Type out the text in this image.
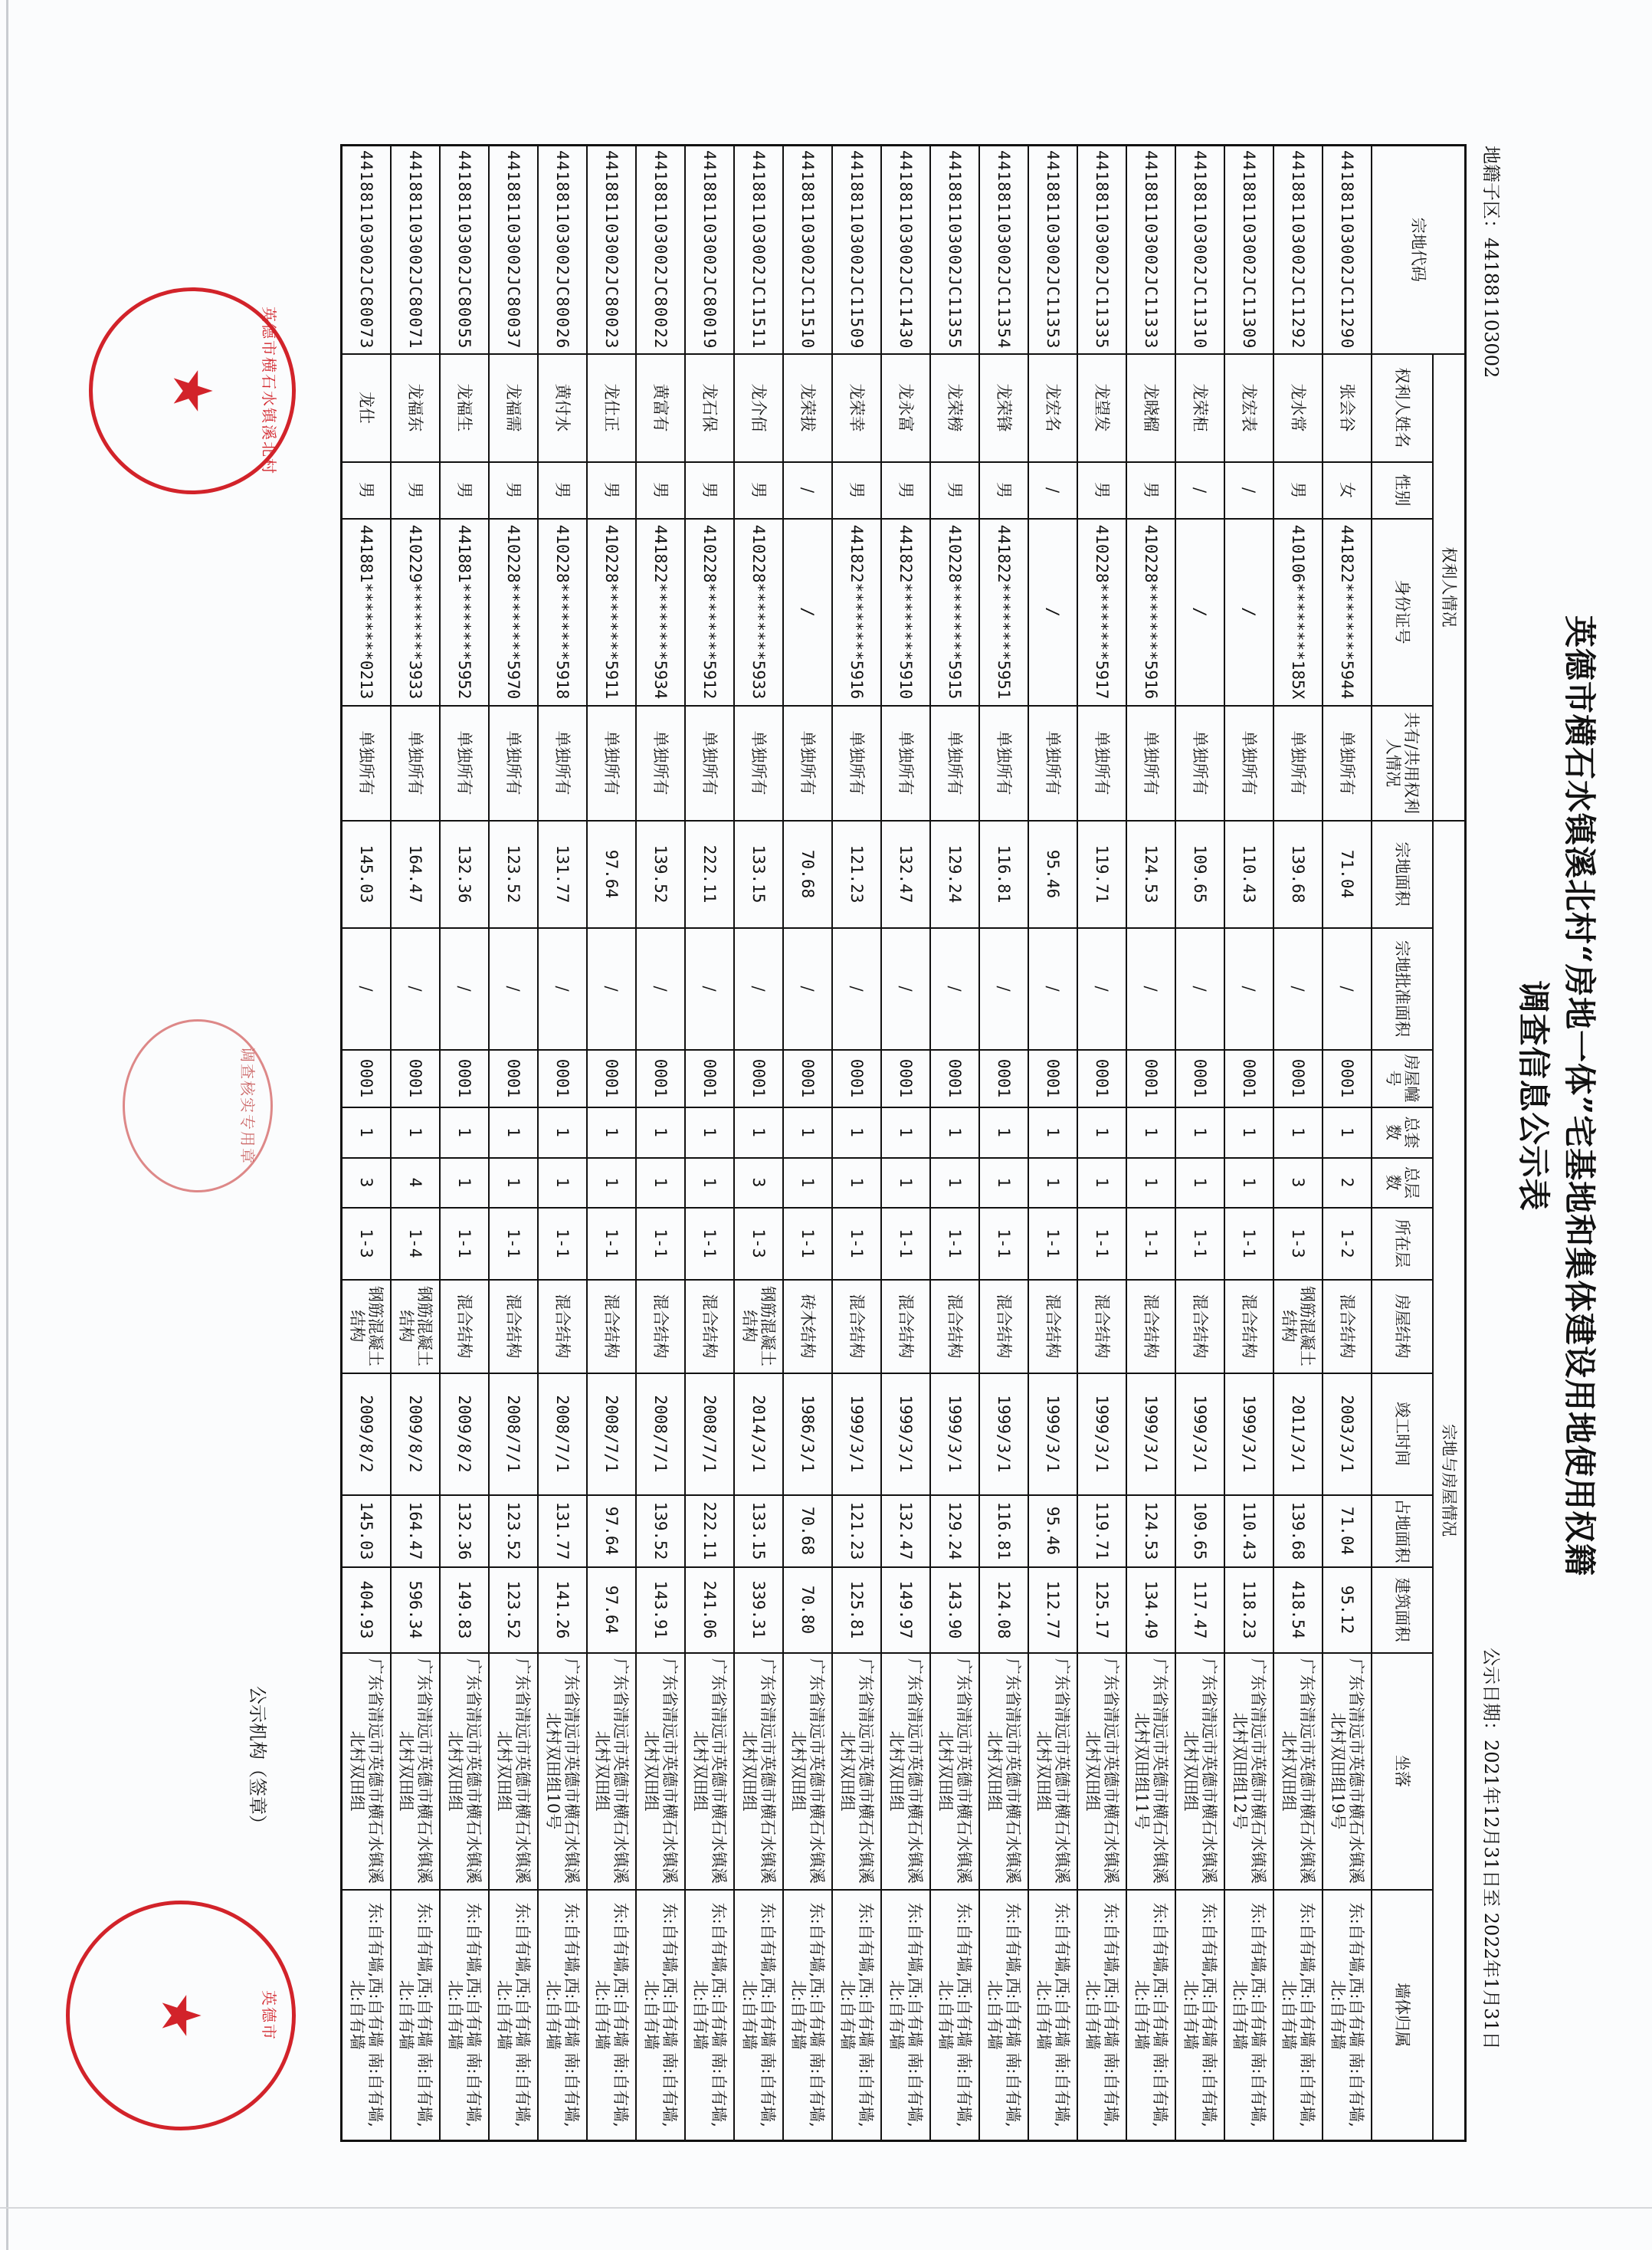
英德市横石水镇溪北村“房地一体”宅基地和集体建设用地使用权籍调查信息公示表
地籍子区：441881103002
公示日期：2021年12月31日至 2022年1月31日
宗地代码	权利人情况				宗地与房屋情况											
	权利人姓名	性别	身份证号	共有/共用权利人情况	宗地面积	宗地批准面积	房屋幢号	总套数	总层数	所在层	房屋结构	竣工时间	占地面积	建筑面积	坐落	墙体归属
441881103002JC11290	张会谷	女	441822********5944	单独所有	71.04	/	0001	1	2	1-2	混合结构	2003/3/1	71.04	95.12	广东省清远市英德市横石水镇溪北村双田组19号	东:自有墙,西:自有墙 南:自有墙,北:自有墙
441881103002JC11292	龙水常	男	410106********185X	单独所有	139.68	/	0001	1	3	1-3	钢筋混凝土结构	2011/3/1	139.68	418.54	广东省清远市英德市横石水镇溪北村双田组	东:自有墙,西:自有墙 南:自有墙,北:自有墙
441881103002JC11309	龙宏表	/	/	单独所有	110.43	/	0001	1	1	1-1	混合结构	1999/3/1	110.43	118.23	广东省清远市英德市横石水镇溪北村双田组12号	东:自有墙,西:自有墙 南:自有墙,北:自有墙
441881103002JC11310	龙荣柜	/	/	单独所有	109.65	/	0001	1	1	1-1	混合结构	1999/3/1	109.65	117.47	广东省清远市英德市横石水镇溪北村双田组	东:自有墙,西:自有墙 南:自有墙,北:自有墙
441881103002JC11333	龙晓榴	男	410228********5916	单独所有	124.53	/	0001	1	1	1-1	混合结构	1999/3/1	124.53	134.49	广东省清远市英德市横石水镇溪北村双田组11号	东:自有墙,西:自有墙 南:自有墙,北:自有墙
441881103002JC11335	龙望发	男	410228********5917	单独所有	119.71	/	0001	1	1	1-1	混合结构	1999/3/1	119.71	125.17	广东省清远市英德市横石水镇溪北村双田组	东:自有墙,西:自有墙 南:自有墙,北:自有墙
441881103002JC11353	龙宏名	/	/	单独所有	95.46	/	0001	1	1	1-1	混合结构	1999/3/1	95.46	112.77	广东省清远市英德市横石水镇溪北村双田组	东:自有墙,西:自有墙 南:自有墙,北:自有墙
441881103002JC11354	龙荣锋	男	441822********5951	单独所有	116.81	/	0001	1	1	1-1	混合结构	1999/3/1	116.81	124.08	广东省清远市英德市横石水镇溪北村双田组	东:自有墙,西:自有墙 南:自有墙,北:自有墙
441881103002JC11355	龙荣榜	男	410228********5915	单独所有	129.24	/	0001	1	1	1-1	混合结构	1999/3/1	129.24	143.90	广东省清远市英德市横石水镇溪北村双田组	东:自有墙,西:自有墙 南:自有墙,北:自有墙
441881103002JC11430	龙永富	男	441822********5910	单独所有	132.47	/	0001	1	1	1-1	混合结构	1999/3/1	132.47	149.97	广东省清远市英德市横石水镇溪北村双田组	东:自有墙,西:自有墙 南:自有墙,北:自有墙
441881103002JC11509	龙荣幸	男	441822********5916	单独所有	121.23	/	0001	1	1	1-1	混合结构	1999/3/1	121.23	125.81	广东省清远市英德市横石水镇溪北村双田组	东:自有墙,西:自有墙 南:自有墙,北:自有墙
441881103002JC11510	龙荣拔	/	/	单独所有	70.68	/	0001	1	1	1-1	砖木结构	1986/3/1	70.68	70.80	广东省清远市英德市横石水镇溪北村双田组	东:自有墙,西:自有墙 南:自有墙,北:自有墙
441881103002JC11511	龙介佰	男	410228********5933	单独所有	133.15	/	0001	1	3	1-3	钢筋混凝土结构	2014/3/1	133.15	339.31	广东省清远市英德市横石水镇溪北村双田组	东:自有墙,西:自有墙 南:自有墙,北:自有墙
441881103002JC80019	龙石保	男	410228********5912	单独所有	222.11	/	0001	1	1	1-1	混合结构	2008/7/1	222.11	241.06	广东省清远市英德市横石水镇溪北村双田组	东:自有墙,西:自有墙 南:自有墙,北:自有墙
441881103002JC80022	黄富有	男	441822********5934	单独所有	139.52	/	0001	1	1	1-1	混合结构	2008/7/1	139.52	143.91	广东省清远市英德市横石水镇溪北村双田组	东:自有墙,西:自有墙 南:自有墙,北:自有墙
441881103002JC80023	龙仕正	男	410228********5911	单独所有	97.64	/	0001	1	1	1-1	混合结构	2008/7/1	97.64	97.64	广东省清远市英德市横石水镇溪北村双田组	东:自有墙,西:自有墙 南:自有墙,北:自有墙
441881103002JC80026	黄付水	男	410228********5918	单独所有	131.77	/	0001	1	1	1-1	混合结构	2008/7/1	131.77	141.26	广东省清远市英德市横石水镇溪北村双田组10号	东:自有墙,西:自有墙 南:自有墙,北:自有墙
441881103002JC80037	龙福需	男	410228********5970	单独所有	123.52	/	0001	1	1	1-1	混合结构	2008/7/1	123.52	123.52	广东省清远市英德市横石水镇溪北村双田组	东:自有墙,西:自有墙 南:自有墙,北:自有墙
441881103002JC80055	龙福生	男	441881********5952	单独所有	132.36	/	0001	1	1	1-1	混合结构	2009/8/2	132.36	149.83	广东省清远市英德市横石水镇溪北村双田组	东:自有墙,西:自有墙 南:自有墙,北:自有墙
441881103002JC80071	龙福东	男	410229********3933	单独所有	164.47	/	0001	1	4	1-4	钢筋混凝土结构	2009/8/2	164.47	596.34	广东省清远市英德市横石水镇溪北村双田组	东:自有墙,西:自有墙 南:自有墙,北:自有墙
441881103002JC80073	龙仕	男	441881********0213	单独所有	145.03	/	0001	1	3	1-3	钢筋混凝土结构	2009/8/2	145.03	404.93	广东省清远市英德市横石水镇溪北村双田组	东:自有墙,西:自有墙 南:自有墙,北:自有墙
公示机构（签章）
英德市横石水镇溪北村
★
调查核实专用章
英德市
★
